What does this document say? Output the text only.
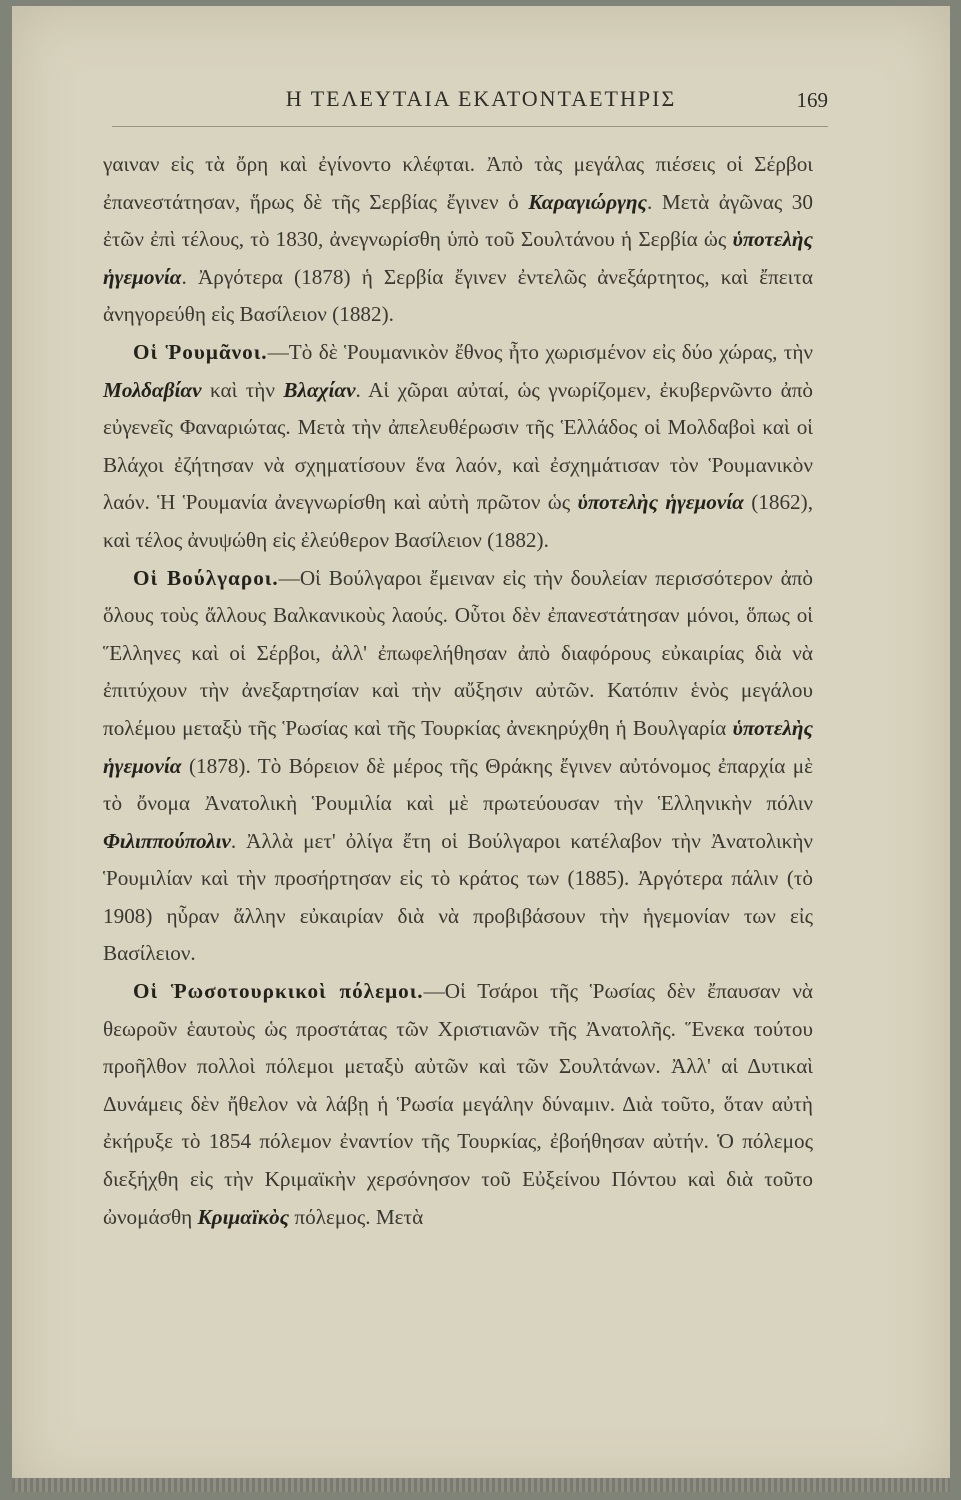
Η ΤΕΛΕΥΤΑΙΑ ΕΚΑΤΟΝΤΑΕΤΗΡΙΣ	169

γαιναν εἰς τὰ ὄρη καὶ ἐγίνοντο κλέφται. Ἀπὸ τὰς μεγάλας πιέσεις οἱ Σέρβοι ἐπανεστάτησαν, ἥρως δὲ τῆς Σερβίας ἔγινεν ὁ Καραγιώργης. Μετὰ ἀγῶνας 30 ἐτῶν ἐπὶ τέλους, τὸ 1830, ἀνεγνωρίσθη ὑπὸ τοῦ Σουλτάνου ἡ Σερβία ὡς ὑποτελὴς ἡγεμονία. Ἀργότερα (1878) ἡ Σερβία ἔγινεν ἐντελῶς ἀνεξάρτητος, καὶ ἔπειτα ἀνηγορεύθη εἰς Βασίλειον (1882).

Οἱ Ῥουμᾶνοι.—Τὸ δὲ Ῥουμανικὸν ἔθνος ἦτο χωρισμένον εἰς δύο χώρας, τὴν Μολδαβίαν καὶ τὴν Βλαχίαν. Αἱ χῶραι αὐταί, ὡς γνωρίζομεν, ἐκυβερνῶντο ἀπὸ εὐγενεῖς Φαναριώτας. Μετὰ τὴν ἀπελευθέρωσιν τῆς Ἑλλάδος οἱ Μολδαβοὶ καὶ οἱ Βλάχοι ἐζήτησαν νὰ σχηματίσουν ἕνα λαόν, καὶ ἐσχημάτισαν τὸν Ῥουμανικὸν λαόν. Ἡ Ῥουμανία ἀνεγνωρίσθη καὶ αὐτὴ πρῶτον ὡς ὑποτελὴς ἡγεμονία (1862), καὶ τέλος ἀνυψώθη εἰς ἐλεύθερον Βασίλειον (1882).

Οἱ Βούλγαροι.—Οἱ Βούλγαροι ἔμειναν εἰς τὴν δουλείαν περισσότερον ἀπὸ ὅλους τοὺς ἄλλους Βαλκανικοὺς λαούς. Οὗτοι δὲν ἐπανεστάτησαν μόνοι, ὅπως οἱ Ἕλληνες καὶ οἱ Σέρβοι, ἀλλ' ἐπωφελήθησαν ἀπὸ διαφόρους εὐκαιρίας διὰ νὰ ἐπιτύχουν τὴν ἀνεξαρτησίαν καὶ τὴν αὔξησιν αὐτῶν. Κατόπιν ἑνὸς μεγάλου πολέμου μεταξὺ τῆς Ῥωσίας καὶ τῆς Τουρκίας ἀνεκηρύχθη ἡ Βουλγαρία ὑποτελὴς ἡγεμονία (1878). Τὸ Βόρειον δὲ μέρος τῆς Θράκης ἔγινεν αὐτόνομος ἐπαρχία μὲ τὸ ὄνομα Ἀνατολικὴ Ῥουμιλία καὶ μὲ πρωτεύουσαν τὴν Ἑλληνικὴν πόλιν Φιλιππούπολιν. Ἀλλὰ μετ' ὀλίγα ἔτη οἱ Βούλγαροι κατέλαβον τὴν Ἀνατολικὴν Ῥουμιλίαν καὶ τὴν προσήρτησαν εἰς τὸ κράτος των (1885). Ἀργότερα πάλιν (τὸ 1908) ηὗραν ἄλλην εὐκαιρίαν διὰ νὰ προβιβάσουν τὴν ἡγεμονίαν των εἰς Βασίλειον.

Οἱ Ῥωσοτουρκικοὶ πόλεμοι.—Οἱ Τσάροι τῆς Ῥωσίας δὲν ἔπαυσαν νὰ θεωροῦν ἑαυτοὺς ὡς προστάτας τῶν Χριστιανῶν τῆς Ἀνατολῆς. Ἕνεκα τούτου προῆλθον πολλοὶ πόλεμοι μεταξὺ αὐτῶν καὶ τῶν Σουλτάνων. Ἀλλ' αἱ Δυτικαὶ Δυνάμεις δὲν ἤθελον νὰ λάβῃ ἡ Ῥωσία μεγάλην δύναμιν. Διὰ τοῦτο, ὅταν αὐτὴ ἐκήρυξε τὸ 1854 πόλεμον ἐναντίον τῆς Τουρκίας, ἐβοήθησαν αὐτήν. Ὁ πόλεμος διεξήχθη εἰς τὴν Κριμαϊκὴν χερσόνησον τοῦ Εὐξείνου Πόντου καὶ διὰ τοῦτο ὠνομάσθη Κριμαϊκὸς πόλεμος. Μετὰ
